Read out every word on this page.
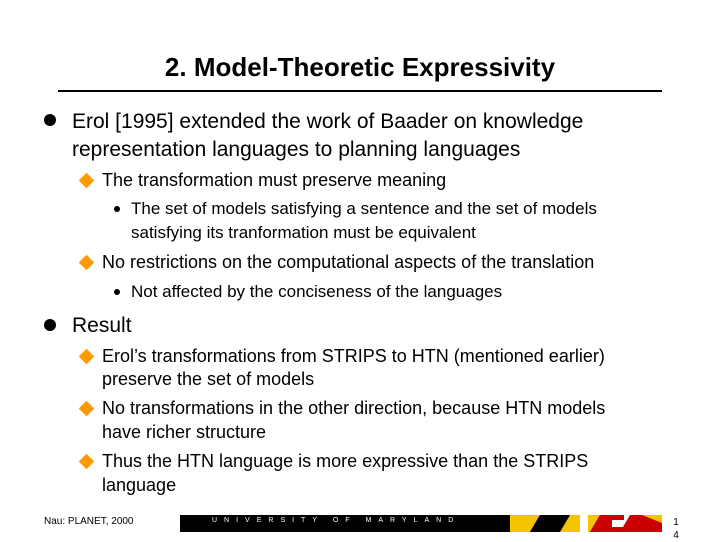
2. Model-Theoretic Expressivity
Erol [1995] extended the work of Baader on knowledge
representation languages to planning languages
The transformation must preserve meaning
The set of models satisfying a sentence and the set of models
satisfying its tranformation must be equivalent
No restrictions on the computational aspects of the translation
Not affected by the conciseness of the languages
Result
Erol’s transformations from STRIPS to HTN (mentioned earlier)
preserve the set of models
No transformations in the other direction, because HTN models
have richer structure
Thus the HTN language is more expressive than the STRIPS
language
Nau: PLANET, 2000	UNIVERSITY OF MARYLAND	1
4
